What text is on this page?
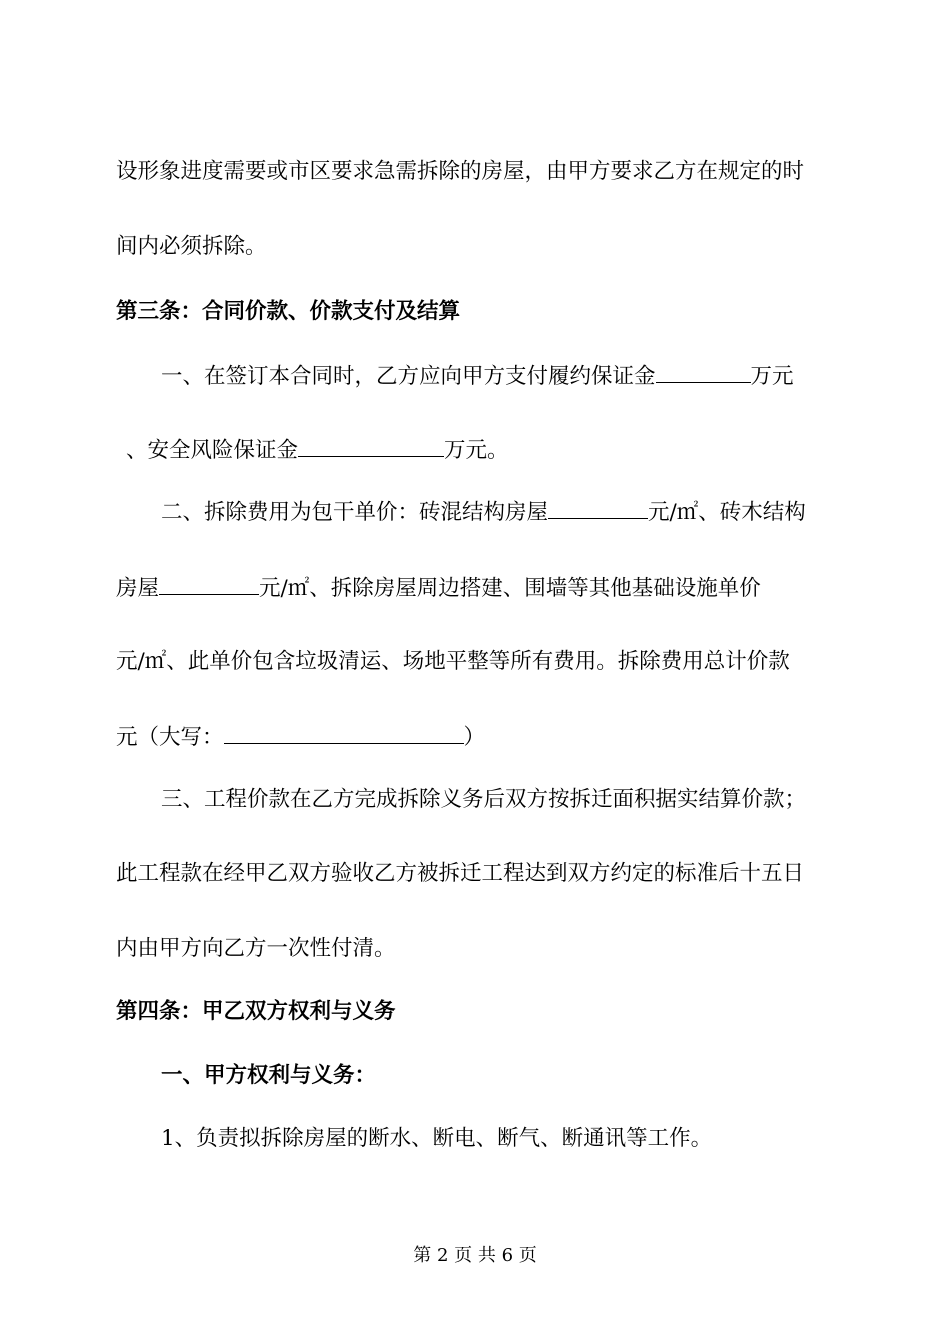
设形象进度需要或市区要求急需拆除的房屋，由甲方要求乙方在规定的时

间内必须拆除。

第三条：合同价款、价款支付及结算

一、在签订本合同时，乙方应向甲方支付履约保证金	万元

、安全风险保证金	万元。

二、拆除费用为包干单价：砖混结构房屋	元/㎡、砖木结构

房屋	元/㎡、拆除房屋周边搭建、围墙等其他基础设施单价

元/㎡、此单价包含垃圾清运、场地平整等所有费用。拆除费用总计价款

元（大写：	）

三、工程价款在乙方完成拆除义务后双方按拆迁面积据实结算价款；

此工程款在经甲乙双方验收乙方被拆迁工程达到双方约定的标准后十五日

内由甲方向乙方一次性付清。

第四条：甲乙双方权利与义务

一、甲方权利与义务：

1、负责拟拆除房屋的断水、断电、断气、断通讯等工作。

第 2 页 共 6 页
